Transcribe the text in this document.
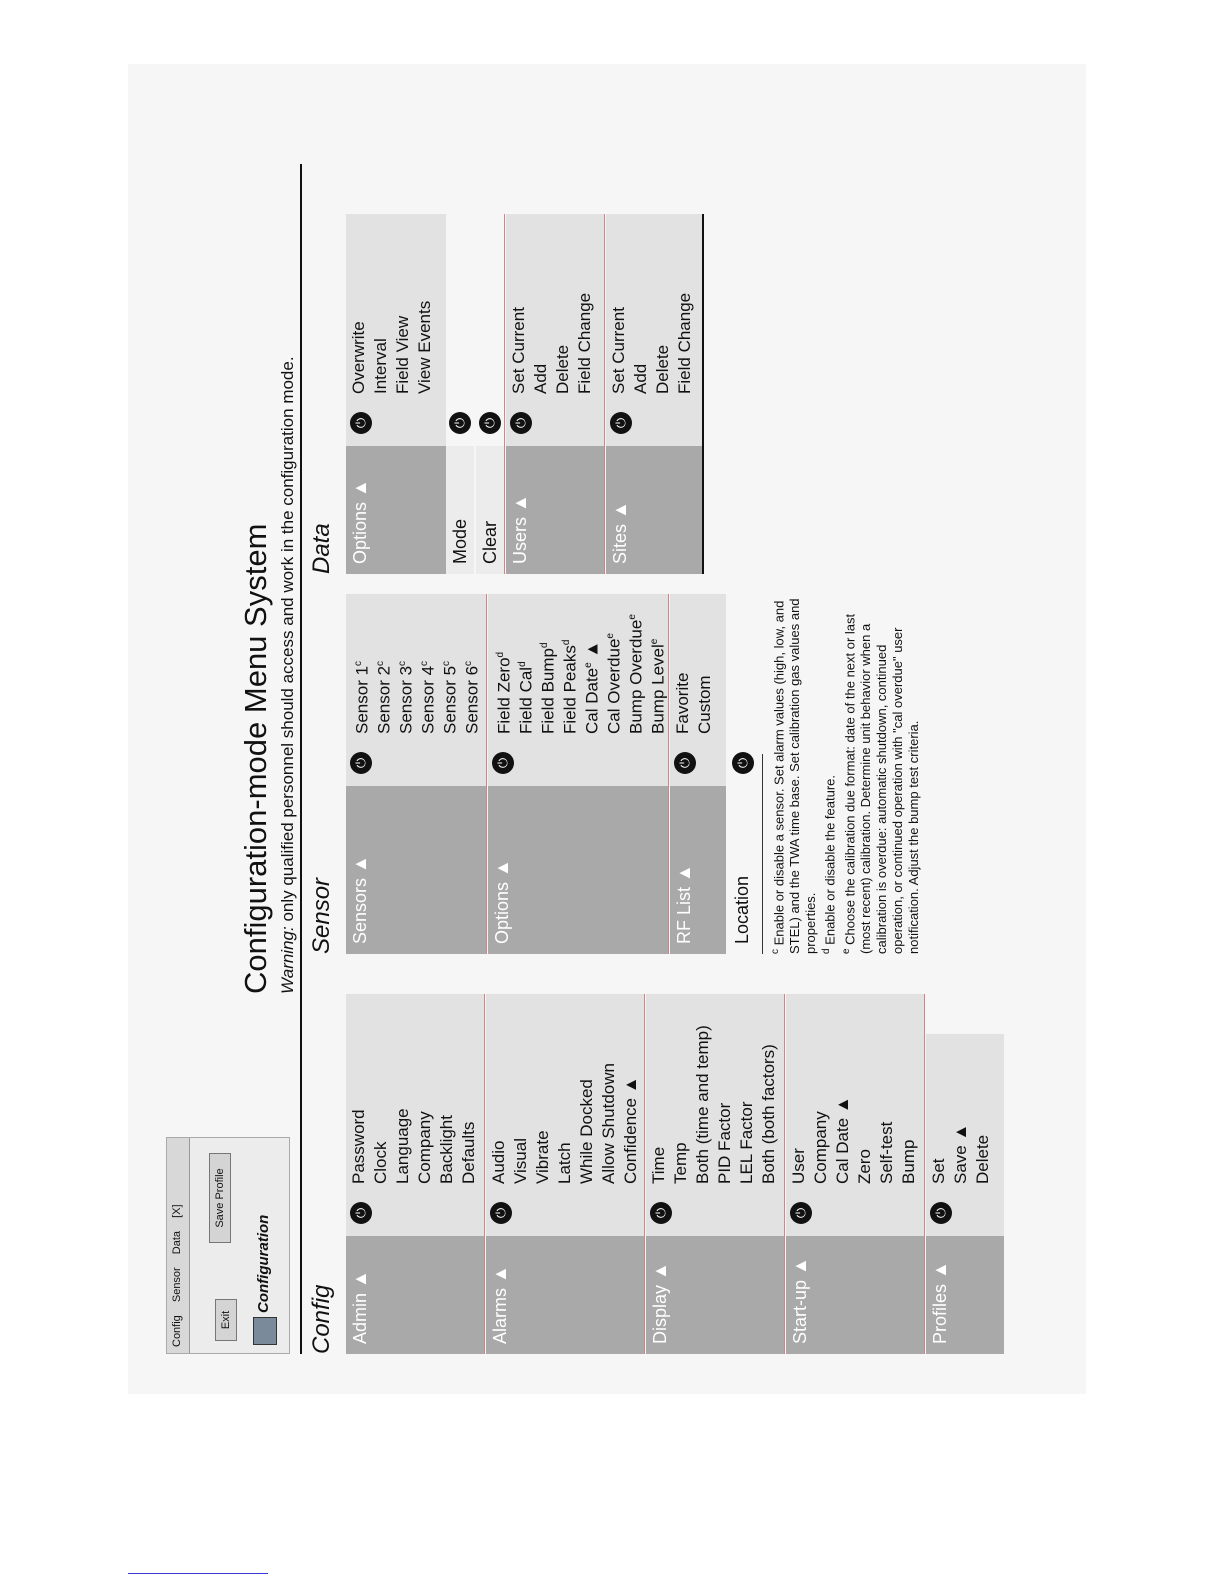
Config Sensor Data [X]
Exit
Save Profile
Configuration
Configuration-mode Menu System Warning: only qualified personnel should access and work in the configuration mode.
Config Admin ▲
⏻
Password Clock Language Company Backlight Defaults
Alarms ▲
⏻
Audio Visual Vibrate Latch While Docked Allow Shutdown Confidence ▲
Display ▲
⏻
Time Temp Both (time and temp) PID Factor LEL Factor Both (both factors)
Start-up ▲
⏻
User Company Cal Date ▲ Zero Self-test Bump
Profiles ▲
⏻
Set Save ▲ Delete
Sensor Sensors ▲
⏻
Sensor 1$^c$
Sensor 2$^c$
Sensor 3$^c$
Sensor 4$^c$
Sensor 5$^c$
Sensor 6$^c$
Options ▲
⏻
Field Zero$^d$
Field Cal$^d$ Field Bump$^d$ Field Peaks$^d$
Cal Date$^e$ ▲ Cal Overdue$^e$ Bump Overdue$^e$
Bump Level$^e$
RF List ▲
⏻
Favorite Custom
Location
⏻
$^c$ Enable or disable a sensor. Set alarm values (high, low, and STEL) and the TWA time base. Set calibration gas values and properties. $^d$ Enable or disable the feature.
$^e$ Choose the calibration due format: date of the next or last (most recent) calibration. Determine unit behavior when a calibration is overdue: automatic shutdown, continued operation, or continued operation with "cal overdue" user notification. Adjust the bump test criteria.
Data Options ▲
⏻
Overwrite Interval Field View View Events
Mode
⏻
Clear
⏻
Users ▲
⏻
Set Current Add Delete Field Change
Sites ▲
⏻
Set Current Add Delete Field Change
